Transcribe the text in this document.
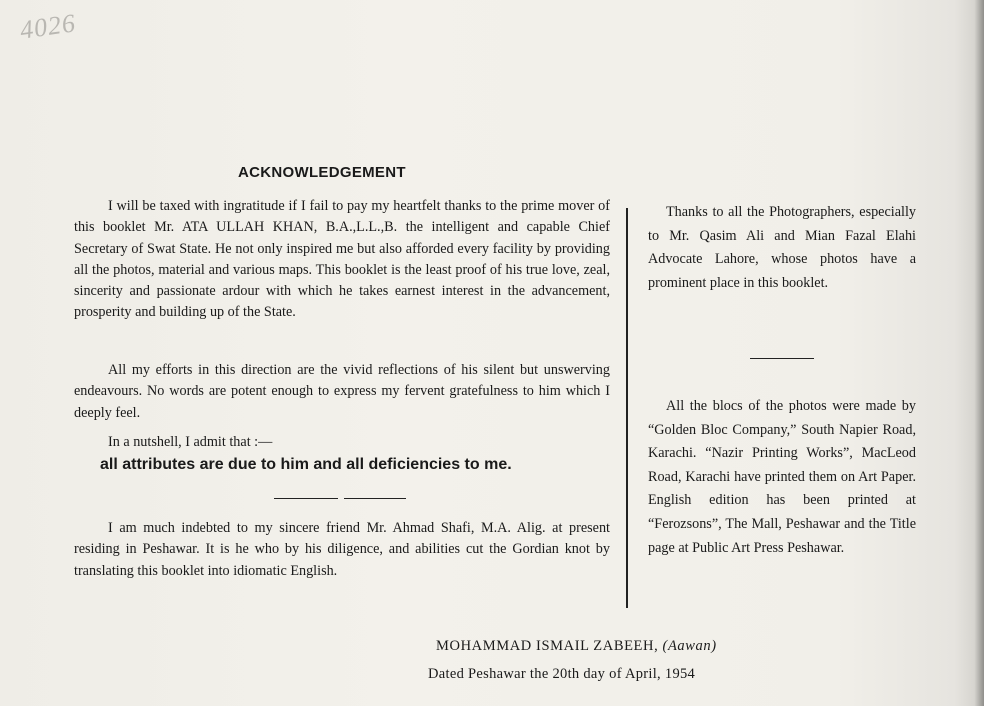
4026
ACKNOWLEDGEMENT

I will be taxed with ingratitude if I fail to pay my heartfelt thanks to the prime mover of this booklet Mr. ATA ULLAH KHAN, B.A.,L.L.,B. the intelligent and capable Chief Secretary of Swat State. He not only inspired me but also afforded every facility by providing all the photos, material and various maps. This booklet is the least proof of his true love, zeal, sincerity and passionate ardour with which he takes earnest interest in the advancement, prosperity and building up of the State.

All my efforts in this direction are the vivid reflections of his silent but unswerving endeavours. No words are potent enough to express my fervent gratefulness to him which I deeply feel.

In a nutshell, I admit that :—

all attributes are due to him and all deficiencies to me.

I am much indebted to my sincere friend Mr. Ahmad Shafi, M.A. Alig. at present residing in Peshawar. It is he who by his diligence, and abilities cut the Gordian knot by translating this booklet into idiomatic English.

Thanks to all the Photographers, especially to Mr. Qasim Ali and Mian Fazal Elahi Advocate Lahore, whose photos have a prominent place in this booklet.

All the blocs of the photos were made by “Golden Bloc Company,” South Napier Road, Karachi. “Nazir Printing Works”, MacLeod Road, Karachi have printed them on Art Paper. English edition has been printed at “Ferozsons”, The Mall, Peshawar and the Title page at Public Art Press Peshawar.

MOHAMMAD ISMAIL ZABEEH, (Aawan)
Dated Peshawar the 20th day of April, 1954
